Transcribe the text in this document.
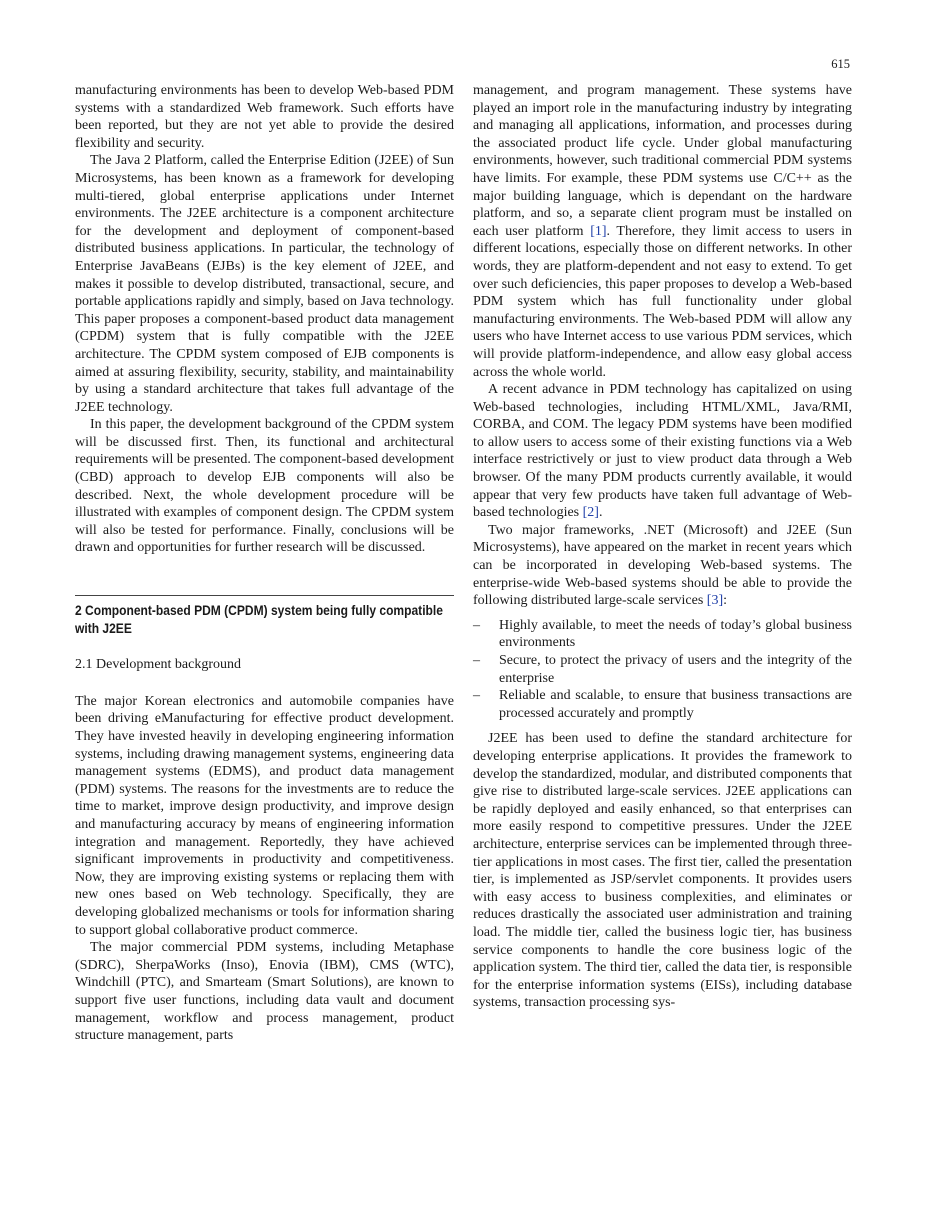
615

manufacturing environments has been to develop Web-based PDM systems with a standardized Web framework. Such efforts have been reported, but they are not yet able to provide the desired flexibility and security.

The Java 2 Platform, called the Enterprise Edition (J2EE) of Sun Microsystems, has been known as a framework for developing multi-tiered, global enterprise applications under Internet environments. The J2EE architecture is a component architecture for the development and deployment of component-based distributed business applications. In particular, the technology of Enterprise JavaBeans (EJBs) is the key element of J2EE, and makes it possible to develop distributed, transactional, secure, and portable applications rapidly and simply, based on Java technology. This paper proposes a component-based product data management (CPDM) system that is fully compatible with the J2EE architecture. The CPDM system composed of EJB components is aimed at assuring flexibility, security, stability, and maintainability by using a standard architecture that takes full advantage of the J2EE technology.

In this paper, the development background of the CPDM system will be discussed first. Then, its functional and architectural requirements will be presented. The component-based development (CBD) approach to develop EJB components will also be described. Next, the whole development procedure will be illustrated with examples of component design. The CPDM system will also be tested for performance. Finally, conclusions will be drawn and opportunities for further research will be discussed.

2 Component-based PDM (CPDM) system being fully compatible with J2EE
2.1 Development background

The major Korean electronics and automobile companies have been driving eManufacturing for effective product development. They have invested heavily in developing engineering information systems, including drawing management systems, engineering data management systems (EDMS), and product data management (PDM) systems. The reasons for the investments are to reduce the time to market, improve design productivity, and improve design and manufacturing accuracy by means of engineering information integration and management. Reportedly, they have achieved significant improvements in productivity and competitiveness. Now, they are improving existing systems or replacing them with new ones based on Web technology. Specifically, they are developing globalized mechanisms or tools for information sharing to support global collaborative product commerce.

The major commercial PDM systems, including Metaphase (SDRC), SherpaWorks (Inso), Enovia (IBM), CMS (WTC), Windchill (PTC), and Smarteam (Smart Solutions), are known to support five user functions, including data vault and document management, workflow and process management, product structure management, parts

management, and program management. These systems have played an import role in the manufacturing industry by integrating and managing all applications, information, and processes during the associated product life cycle. Under global manufacturing environments, however, such traditional commercial PDM systems have limits. For example, these PDM systems use C/C++ as the major building language, which is dependant on the hardware platform, and so, a separate client program must be installed on each user platform [1]. Therefore, they limit access to users in different locations, especially those on different networks. In other words, they are platform-dependent and not easy to extend. To get over such deficiencies, this paper proposes to develop a Web-based PDM system which has full functionality under global manufacturing environments. The Web-based PDM will allow any users who have Internet access to use various PDM services, which will provide platform-independence, and allow easy global access across the whole world.

A recent advance in PDM technology has capitalized on using Web-based technologies, including HTML/XML, Java/RMI, CORBA, and COM. The legacy PDM systems have been modified to allow users to access some of their existing functions via a Web interface restrictively or just to view product data through a Web browser. Of the many PDM products currently available, it would appear that very few products have taken full advantage of Web-based technologies [2].

Two major frameworks, .NET (Microsoft) and J2EE (Sun Microsystems), have appeared on the market in recent years which can be incorporated in developing Web-based systems. The enterprise-wide Web-based systems should be able to provide the following distributed large-scale services [3]:

– Highly available, to meet the needs of today’s global business environments
– Secure, to protect the privacy of users and the integrity of the enterprise
– Reliable and scalable, to ensure that business transactions are processed accurately and promptly

J2EE has been used to define the standard architecture for developing enterprise applications. It provides the framework to develop the standardized, modular, and distributed components that give rise to distributed large-scale services. J2EE applications can be rapidly deployed and easily enhanced, so that enterprises can more easily respond to competitive pressures. Under the J2EE architecture, enterprise services can be implemented through three-tier applications in most cases. The first tier, called the presentation tier, is implemented as JSP/servlet components. It provides users with easy access to business complexities, and eliminates or reduces drastically the associated user administration and training load. The middle tier, called the business logic tier, has business service components to handle the core business logic of the application system. The third tier, called the data tier, is responsible for the enterprise information systems (EISs), including database systems, transaction processing sys-
